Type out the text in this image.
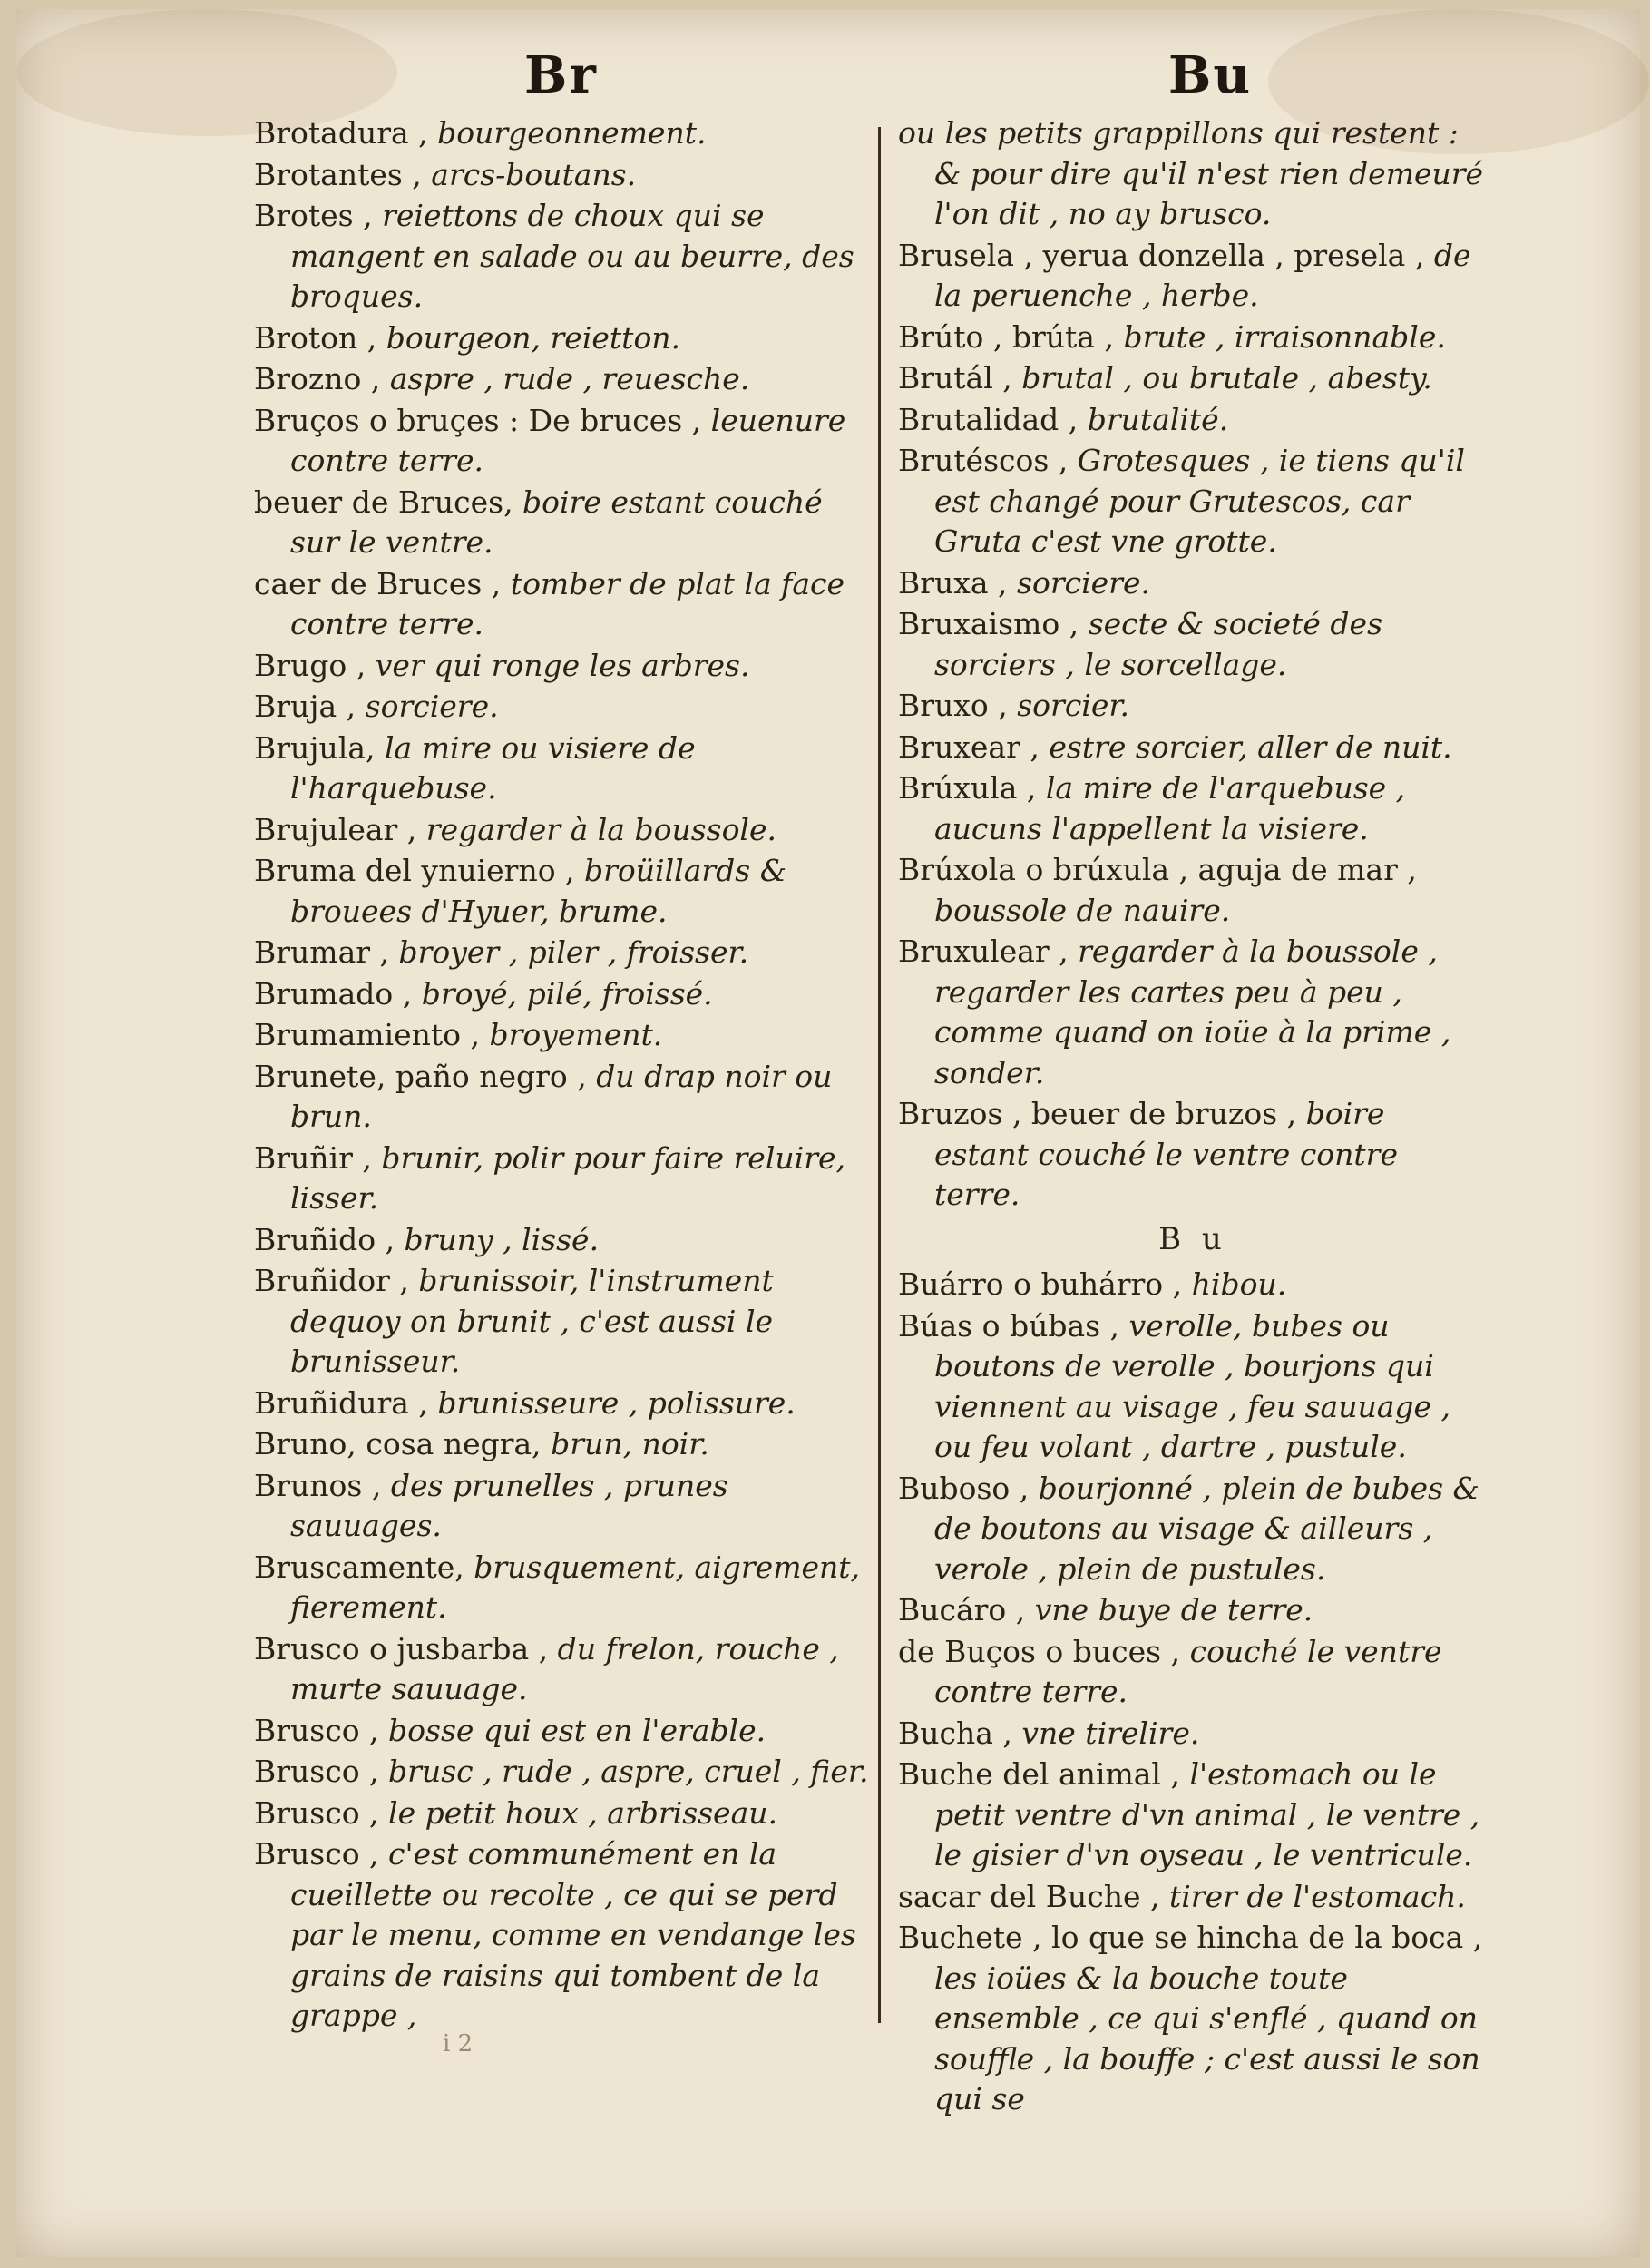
Br	Bu
Brotadura , bourgeonnement.
Brotantes , arcs-boutans.
Brotes , reiettons de choux qui se mangent en salade ou au beurre, des broques.
Broton , bourgeon, reietton.
Brozno , aspre , rude , reuesche.
Bruços o bruçes : De bruces , leuenure contre terre.
beuer de Bruces, boire estant couché sur le ventre.
caer de Bruces , tomber de plat la face contre terre.
Brugo , ver qui ronge les arbres.
Bruja , sorciere.
Brujula, la mire ou visiere de l'harquebuse.
Brujulear , regarder à la boussole.
Bruma del ynuierno , broüillards & brouees d'Hyuer, brume.
Brumar , broyer , piler , froisser.
Brumado , broyé, pilé, froissé.
Brumamiento , broyement.
Brunete, paño negro , du drap noir ou brun.
Bruñir , brunir, polir pour faire reluire, lisser.
Bruñido , bruny , lissé.
Bruñidor , brunissoir, l'instrument dequoy on brunit , c'est aussi le brunisseur.
Bruñidura , brunisseure , polissure.
Bruno, cosa negra, brun, noir.
Brunos , des prunelles , prunes sauuages.
Bruscamente, brusquement, aigrement, fierement.
Brusco o jusbarba , du frelon, rouche , murte sauuage.
Brusco , bosse qui est en l'erable.
Brusco , brusc , rude , aspre, cruel , fier.
Brusco , le petit houx , arbrisseau.
Brusco , c'est communément en la cueillette ou recolte , ce qui se perd par le menu, comme en vendange les grains de raisins qui tombent de la grappe ,
ou les petits grappillons qui restent : & pour dire qu'il n'est rien demeuré l'on dit , no ay brusco.
Brusela , yerua donzella , presela , de la peruenche , herbe.
Brúto , brúta , brute , irraisonnable.
Brutál , brutal , ou brutale , abesty.
Brutalidad , brutalité.
Brutéscos , Grotesques , ie tiens qu'il est changé pour Grutescos, car Gruta c'est vne grotte.
Bruxa , sorciere.
Bruxaismo , secte & societé des sorciers , le sorcellage.
Bruxo , sorcier.
Bruxear , estre sorcier, aller de nuit.
Brúxula , la mire de l'arquebuse , aucuns l'appellent la visiere.
Brúxola o brúxula , aguja de mar , boussole de nauire.
Bruxulear , regarder à la boussole , regarder les cartes peu à peu , comme quand on ioüe à la prime , sonder.
Bruzos , beuer de bruzos , boire estant couché le ventre contre terre.
B u
Buárro o buhárro , hibou.
Búas o búbas , verolle, bubes ou boutons de verolle , bourjons qui viennent au visage , feu sauuage , ou feu volant , dartre , pustule.
Buboso , bourjonné , plein de bubes & de boutons au visage & ailleurs , verole , plein de pustules.
Bucáro , vne buye de terre.
de Buços o buces , couché le ventre contre terre.
Bucha , vne tirelire.
Buche del animal , l'estomach ou le petit ventre d'vn animal , le ventre , le gisier d'vn oyseau , le ventricule.
sacar del Buche , tirer de l'estomach.
Buchete , lo que se hincha de la boca , les ioües & la bouche toute ensemble , ce qui s'enflé , quand on souffle , la bouffe ; c'est aussi le son qui se
i 2
